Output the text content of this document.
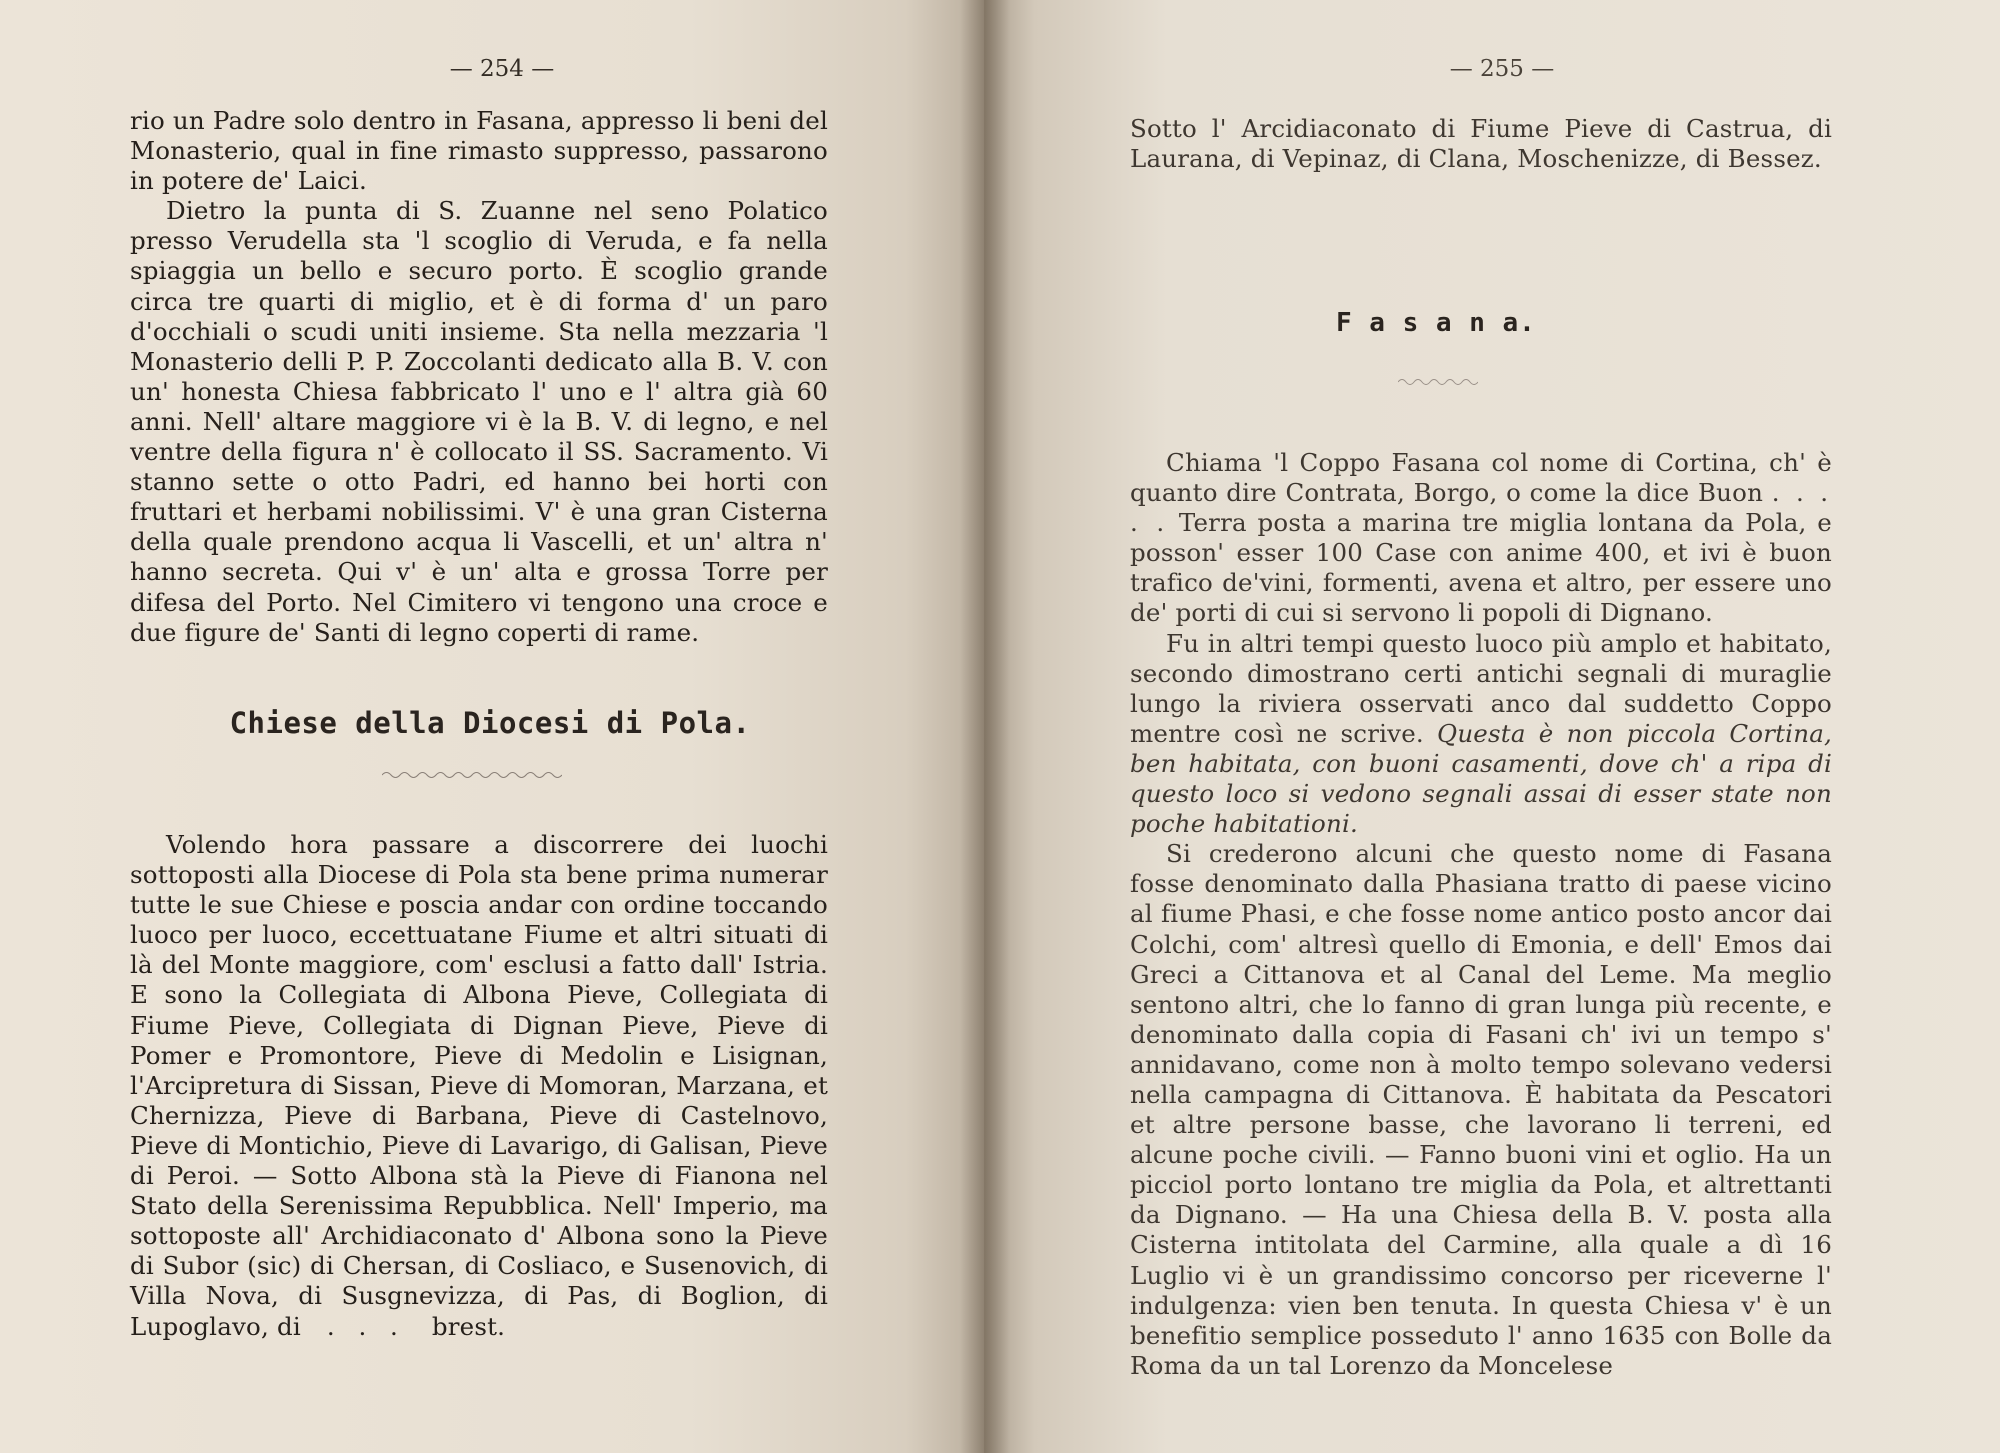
— 254 —

rio un Padre solo dentro in Fasana, appresso li beni del Monasterio, qual in fine rimasto suppresso, passarono in potere de' Laici.

Dietro la punta di S. Zuanne nel seno Polatico presso Verudella sta 'l scoglio di Veruda, e fa nella spiaggia un bello e securo porto. È scoglio grande circa tre quarti di miglio, et è di forma d' un paro d'occhiali o scudi uniti insieme. Sta nella mezzaria 'l Monasterio delli P. P. Zoccolanti dedicato alla B. V. con un' honesta Chiesa fabbricato l' uno e l' altra già 60 anni. Nell' altare maggiore vi è la B. V. di legno, e nel ventre della figura n' è collocato il SS. Sacramento. Vi stanno sette o otto Padri, ed hanno bei horti con fruttari et herbami nobilissimi. V' è una gran Cisterna della quale prendono acqua li Vascelli, et un' altra n' hanno secreta. Qui v' è un' alta e grossa Torre per difesa del Porto. Nel Cimitero vi tengono una croce e due figure de' Santi di legno coperti di rame.

Chiese della Diocesi di Pola.

Volendo hora passare a discorrere dei luochi sottoposti alla Diocese di Pola sta bene prima numerar tutte le sue Chiese e poscia andar con ordine toccando luoco per luoco, eccettuatane Fiume et altri situati di là del Monte maggiore, com' esclusi a fatto dall' Istria. E sono la Collegiata di Albona Pieve, Collegiata di Fiume Pieve, Collegiata di Dignan Pieve, Pieve di Pomer e Promontore, Pieve di Medolin e Lisignan, l'Arcipretura di Sissan, Pieve di Momoran, Marzana, et Chernizza, Pieve di Barbana, Pieve di Castelnovo, Pieve di Montichio, Pieve di Lavarigo, di Galisan, Pieve di Peroi. — Sotto Albona stà la Pieve di Fianona nel Stato della Serenissima Repubblica. Nell' Imperio, ma sottoposte all' Archidiaconato d' Albona sono la Pieve di Subor (sic) di Chersan, di Cosliaco, e Susenovich, di Villa Nova, di Susgnevizza, di Pas, di Boglion, di Lupoglavo, di . . . brest.

— 255 —

Sotto l' Arcidiaconato di Fiume Pieve di Castrua, di Laurana, di Vepinaz, di Clana, Moschenizze, di Bessez.

F a s a n a.

Chiama 'l Coppo Fasana col nome di Cortina, ch' è quanto dire Contrata, Borgo, o come la dice Buon . . . . . Terra posta a marina tre miglia lontana da Pola, e posson' esser 100 Case con anime 400, et ivi è buon trafico de'vini, formenti, avena et altro, per essere uno de' porti di cui si servono li popoli di Dignano.

Fu in altri tempi questo luoco più amplo et habitato, secondo dimostrano certi antichi segnali di muraglie lungo la riviera osservati anco dal suddetto Coppo mentre così ne scrive. Questa è non piccola Cortina, ben habitata, con buoni casamenti, dove ch' a ripa di questo loco si vedono segnali assai di esser state non poche habitationi.

Si crederono alcuni che questo nome di Fasana fosse denominato dalla Phasiana tratto di paese vicino al fiume Phasi, e che fosse nome antico posto ancor dai Colchi, com' altresì quello di Emonia, e dell' Emos dai Greci a Cittanova et al Canal del Leme. Ma meglio sentono altri, che lo fanno di gran lunga più recente, e denominato dalla copia di Fasani ch' ivi un tempo s' annidavano, come non à molto tempo solevano vedersi nella campagna di Cittanova. È habitata da Pescatori et altre persone basse, che lavorano li terreni, ed alcune poche civili. — Fanno buoni vini et oglio. Ha un picciol porto lontano tre miglia da Pola, et altrettanti da Dignano. — Ha una Chiesa della B. V. posta alla Cisterna intitolata del Carmine, alla quale a dì 16 Luglio vi è un grandissimo concorso per riceverne l' indulgenza: vien ben tenuta. In questa Chiesa v' è un benefitio semplice posseduto l' anno 1635 con Bolle da Roma da un tal Lorenzo da Moncelese
